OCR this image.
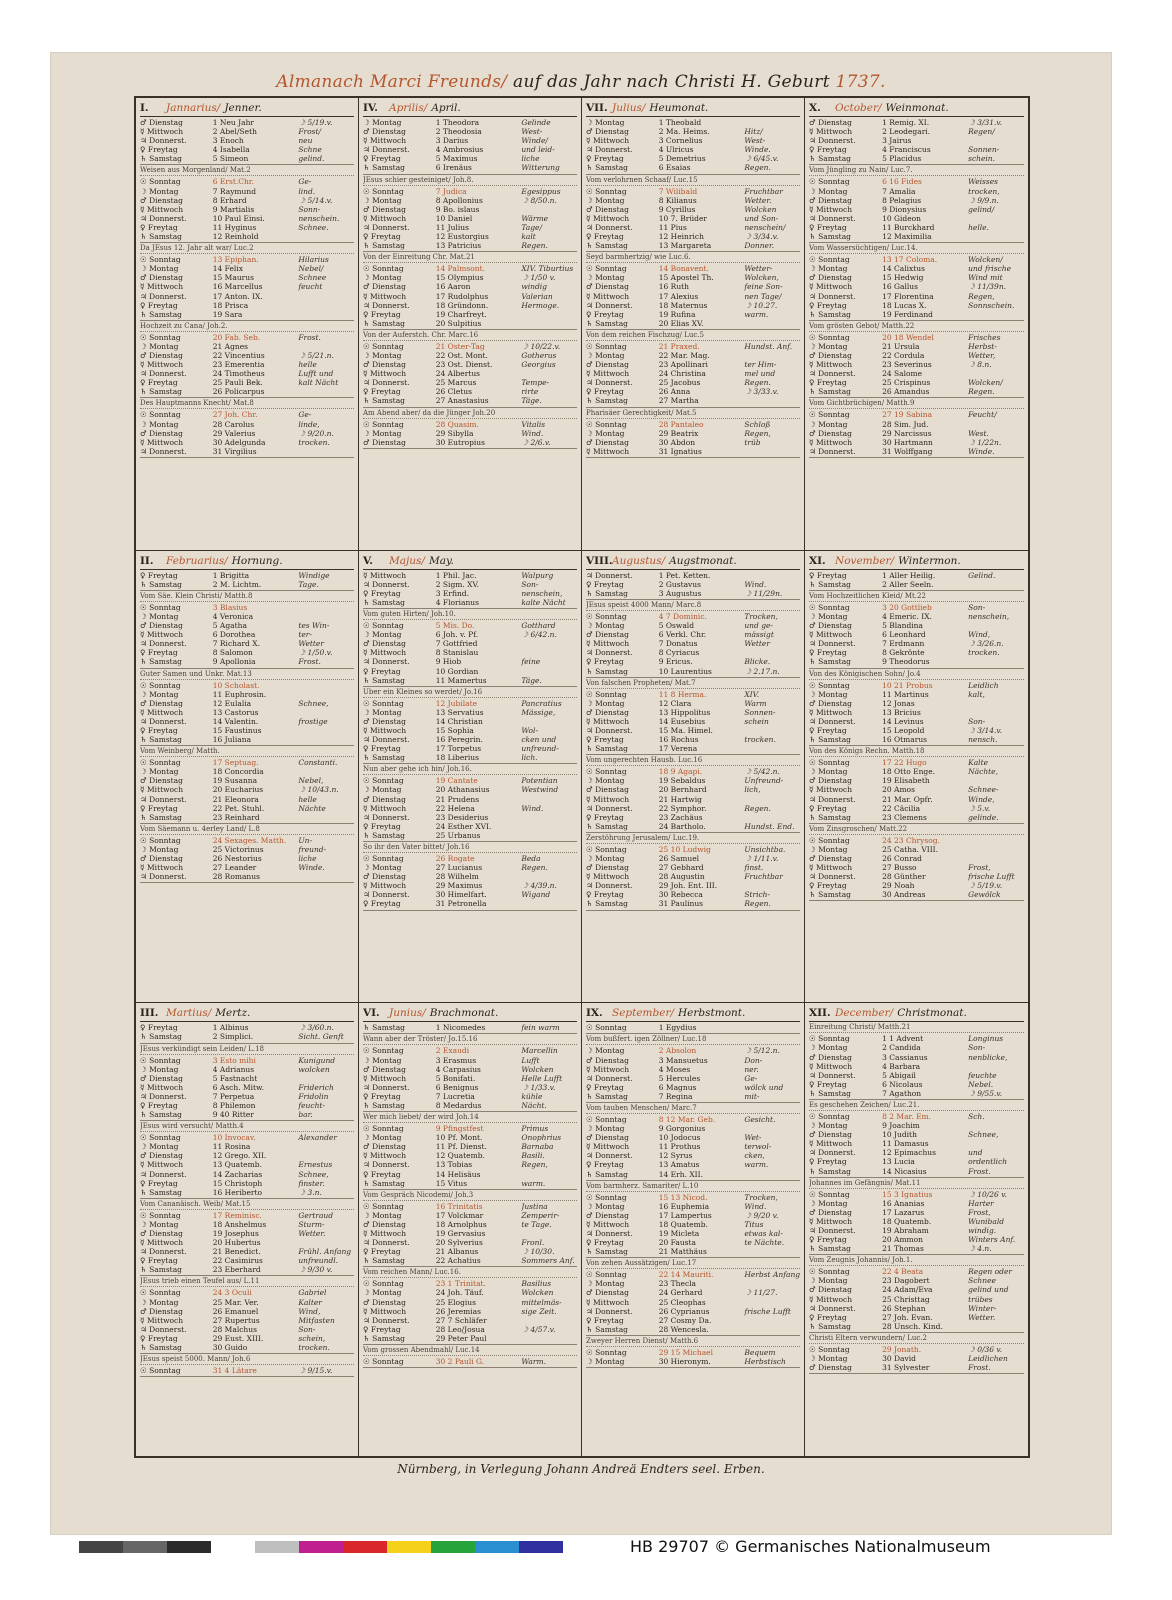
Almanach Marci Freunds/ auf das Jahr nach Christi H. Geburt 1737.
I.	Jannarius/ Jenner.
♂ Dienstag	1 Neu Jahr	☽ 5/19.v.
☿ Mittwoch	2 Abel/Seth	Frost/
♃ Donnerst.	3 Enoch	neu
♀ Freytag	4 Isabella	Schne
♄ Samstag	5 Simeon	gelind.
Weisen aus Morgenland/ Mat.2
☉ Sonntag	6 Erst.Chr.	Ge-
☽ Montag	7 Raymund	lind.
♂ Dienstag	8 Erhard	☽ 5/14.v.
☿ Mittwoch	9 Martialis	Sonn-
♃ Donnerst.	10 Paul Einsi.	nenschein.
♀ Freytag	11 Hyginus	Schnee.
♄ Samstag	12 Reinhold
Da JEsus 12. Jahr alt war/ Luc.2
☉ Sonntag	13 Epiphan.	Hilarius
☽ Montag	14 Felix	Nebel/
♂ Dienstag	15 Maurus	Schnee
☿ Mittwoch	16 Marcellus	feucht
♃ Donnerst.	17 Anton. IX.
♀ Freytag	18 Prisca
♄ Samstag	19 Sara
Hochzeit zu Cana/ Joh.2.
☉ Sonntag	20 Fab. Seb.	Frost.
☽ Montag	21 Agnes
♂ Dienstag	22 Vincentius	☽ 5/21.n.
☿ Mittwoch	23 Emerentia	helle
♃ Donnerst.	24 Timotheus	Lufft und
♀ Freytag	25 Pauli Bek.	kalt Nächt
♄ Samstag	26 Policarpus
Des Hauptmanns Knecht/ Mat.8
☉ Sonntag	27 Joh. Chr.	Ge-
☽ Montag	28 Carolus	linde,
♂ Dienstag	29 Valerius	☽ 9/20.n.
☿ Mittwoch	30 Adelgunda	trocken.
♃ Donnerst.	31 Virgilius
IV.	Aprilis/ April.
☽ Montag	1 Theodora	Gelinde
♂ Dienstag	2 Theodosia	West-
☿ Mittwoch	3 Darius	Winde/
♃ Donnerst.	4 Ambrosius	und leid-
♀ Freytag	5 Maximus	liche
♄ Samstag	6 Irenäus	Witterung
JEsus schier gesteiniget/ Joh.8.
☉ Sonntag	7 Judica	Egesippus
☽ Montag	8 Apollonius	☽ 8/50.n.
♂ Dienstag	9 Bo. islaus
☿ Mittwoch	10 Daniel	Wärme
♃ Donnerst.	11 Julius	Tage/
♀ Freytag	12 Eustorgius	kalt
♄ Samstag	13 Patricius	Regen.
Von der Einreitung Chr. Mat.21
☉ Sonntag	14 Palmsont.	XIV. Tiburtius
☽ Montag	15 Olympius	☽ 1/50 v.
♂ Dienstag	16 Aaron	windig
☿ Mittwoch	17 Rudolphus	Valerian
♃ Donnerst.	18 Gründonn.	Hermoge.
♀ Freytag	19 Charfreyt.
♄ Samstag	20 Sulpitius
Von der Auferstch. Chr. Marc.16
☉ Sonntag	21 Oster-Tag	☽ 10/22.v.
☽ Montag	22 Ost. Mont.	Gotherus
♂ Dienstag	23 Ost. Dienst.	Georgius
☿ Mittwoch	24 Albertus
♃ Donnerst.	25 Marcus	Tempe-
♀ Freytag	26 Cletus	rirte
♄ Samstag	27 Anastasius	Täge.
Am Abend aber/ da die Jünger Joh.20
☉ Sonntag	28 Quasim.	Vitalis
☽ Montag	29 Sibylla	Wind.
♂ Dienstag	30 Eutropius	☽ 2/6.v.
VII. Julius/ Heumonat.
☽ Montag	1 Theobald
♂ Dienstag	2 Ma. Heims.	Hitz/
☿ Mittwoch	3 Cornelius	West-
♃ Donnerst.	4 Ulricus	Winde.
♀ Freytag	5 Demetrius	☽ 6/45.v.
♄ Samstag	6 Esaias	Regen.
Vom verlohrnen Schaaf/ Luc.15
☉ Sonntag	7 Wilibald	Fruchtbar
☽ Montag	8 Kilianus	Wetter.
♂ Dienstag	9 Cyrillus	Wolcken
☿ Mittwoch	10 7. Brüder	und Son-
♃ Donnerst.	11 Pius	nenschein/
♀ Freytag	12 Heinrich	☽ 3/34.v.
♄ Samstag	13 Margareta	Donner.
Seyd barmhertzig/ wie Luc.6.
☉ Sonntag	14 Bonavent.	Wetter-
☽ Montag	15 Apostel Th.	Wolcken,
♂ Dienstag	16 Ruth	feine Son-
☿ Mittwoch	17 Alexius	nen Tage/
♃ Donnerst.	18 Maternus	☽ 10.27.
♀ Freytag	19 Rufina	warm.
♄ Samstag	20 Elias XV.
Von dem reichen Fischzug/ Luc.5
☉ Sonntag	21 Praxed.	Hundst. Anf.
☽ Montag	22 Mar. Mag.
♂ Dienstag	23 Apollinari	ter Him-
☿ Mittwoch	24 Christina	mel und
♃ Donnerst.	25 Jacobus	Regen.
♀ Freytag	26 Anna	☽ 3/33.v.
♄ Samstag	27 Martha
Pharisäer Gerechtigkeit/ Mat.5
☉ Sonntag	28 Pantaleo	Schloß
☽ Montag	29 Beatrix	Regen,
♂ Dienstag	30 Abdon	trüb
☿ Mittwoch	31 Ignatius
X.	October/ Weinmonat.
♂ Dienstag	1 Remig. XI.	☽ 3/31.v.
☿ Mittwoch	2 Leodegari.	Regen/
♃ Donnerst.	3 Jairus
♀ Freytag	4 Franciscus	Sonnen-
♄ Samstag	5 Placidus	schein.
Vom Jüngling zu Nain/ Luc.7.
☉ Sonntag	6 16 Fides	Weisses
☽ Montag	7 Amalia	trocken,
♂ Dienstag	8 Pelagius	☽ 9/9.n.
☿ Mittwoch	9 Dionysius	gelind/
♃ Donnerst.	10 Gideon
♀ Freytag	11 Burckhard	helle.
♄ Samstag	12 Maximilia
Vom Wassersüchtigen/ Luc.14.
☉ Sonntag	13 17 Coloma.	Wolcken/
☽ Montag	14 Calixtus	und frische
♂ Dienstag	15 Hedwig	Wind mit
☿ Mittwoch	16 Gallus	☽ 11/39n.
♃ Donnerst.	17 Florentina	Regen,
♀ Freytag	18 Lucas X.	Sonnschein.
♄ Samstag	19 Ferdinand
Vom grösten Gebot/ Matth.22
☉ Sonntag	20 18 Wendel	Frisches
☽ Montag	21 Ursula	Herbst-
♂ Dienstag	22 Cordula	Wetter,
☿ Mittwoch	23 Severinus	☽ 8.n.
♃ Donnerst.	24 Salome
♀ Freytag	25 Crispinus	Wolcken/
♄ Samstag	26 Amandus	Regen.
Vom Gichtbrüchigen/ Matth.9
☉ Sonntag	27 19 Sabina	Feucht/
☽ Montag	28 Sim. Jud.
♂ Dienstag	29 Narcissus	West.
☿ Mittwoch	30 Hartmann	☽ 1/22n.
♃ Donnerst.	31 Wolffgang	Winde.
II.	Februarius/ Hornung.
♀ Freytag	1 Brigitta	Windige
♄ Samstag	2 M. Lichtm.	Tage.
Vom Säe. Klein Christi/ Matth.8
☉ Sonntag	3 Blasius
☽ Montag	4 Veronica
♂ Dienstag	5 Agatha	tes Win-
☿ Mittwoch	6 Dorothea	ter-
♃ Donnerst.	7 Richard X.	Wetter
♀ Freytag	8 Salomon	☽ 1/50.v.
♄ Samstag	9 Apollonia	Frost.
Guter Samen und Unkr. Mat.13
☉ Sonntag	10 Scholast.
☽ Montag	11 Euphrosin.
♂ Dienstag	12 Eulalia	Schnee,
☿ Mittwoch	13 Castorus
♃ Donnerst.	14 Valentin.	frostige
♀ Freytag	15 Faustinus
♄ Samstag	16 Juliana
Vom Weinberg/ Matth.
☉ Sonntag	17 Septuag.	Constanti.
☽ Montag	18 Concordia
♂ Dienstag	19 Susanna	Nebel,
☿ Mittwoch	20 Eucharius	☽ 10/43.n.
♃ Donnerst.	21 Eleonora	helle
♀ Freytag	22 Pet. Stuhl.	Nächte
♄ Samstag	23 Reinhard
Vom Säemann u. 4erley Land/ L.8
☉ Sonntag	24 Sexages. Matth.	Un-
☽ Montag	25 Victorinus	freund-
♂ Dienstag	26 Nestorius	liche
☿ Mittwoch	27 Leander	Winde.
♃ Donnerst.	28 Romanus
V.	Majus/ May.
☿ Mittwoch	1 Phil. Jac.	Walpurg
♃ Donnerst.	2 Sigm. XV.	Son-
♀ Freytag	3 Erfind.	nenschein,
♄ Samstag	4 Florianus	kalte Nächt
Vom guten Hirten/ Joh.10.
☉ Sonntag	5 Mis. Do.	Gotthard
☽ Montag	6 Joh. v. Pf.	☽ 6/42.n.
♂ Dienstag	7 Gottfried
☿ Mittwoch	8 Stanislau
♃ Donnerst.	9 Hiob	feine
♀ Freytag	10 Gordian
♄ Samstag	11 Mamertus	Täge.
Uber ein Kleines so werdet/ Jo.16
☉ Sonntag	12 Jubilate	Pancratius
☽ Montag	13 Servatius	Mässige,
♂ Dienstag	14 Christian
☿ Mittwoch	15 Sophia	Wol-
♃ Donnerst.	16 Peregrin.	cken und
♀ Freytag	17 Torpetus	unfreund-
♄ Samstag	18 Liberius	lich.
Nun aber gehe ich hin/ Joh.16.
☉ Sonntag	19 Cantate	Potentian
☽ Montag	20 Athanasius	Westwind
♂ Dienstag	21 Prudens
☿ Mittwoch	22 Helena	Wind.
♃ Donnerst.	23 Desiderius
♀ Freytag	24 Esther XVI.
♄ Samstag	25 Urbanus
So ihr den Vater bittet/ Joh.16
☉ Sonntag	26 Rogate	Beda
☽ Montag	27 Lucianus	Regen.
♂ Dienstag	28 Wilhelm
☿ Mittwoch	29 Maximus	☽ 4/39.n.
♃ Donnerst.	30 Himelfart.	Wigand
♀ Freytag	31 Petronella
VIII. Augustus/ Augstmonat.
♃ Donnerst.	1 Pet. Ketten.
♀ Freytag	2 Gustavus	Wind.
♄ Samstag	3 Augustus	☽ 11/29n.
JEsus speist 4000 Mann/ Marc.8
☉ Sonntag	4 7 Dominic.	Trocken,
☽ Montag	5 Oswald	und ge-
♂ Dienstag	6 Verkl. Chr.	mässigt
☿ Mittwoch	7 Donatus	Wetter
♃ Donnerst.	8 Cyriacus
♀ Freytag	9 Ericus.	Blicke.
♄ Samstag	10 Laurentius	☽ 2.17.n.
Von falschen Propheten/ Mat.7
☉ Sonntag	11 8 Herma.	XIV.
☽ Montag	12 Clara	Warm
♂ Dienstag	13 Hippolitus	Sonnen-
☿ Mittwoch	14 Eusebius	schein
♃ Donnerst.	15 Ma. Himel.
♀ Freytag	16 Rochus	trocken.
♄ Samstag	17 Verena
Vom ungerechten Hausb. Luc.16
☉ Sonntag	18 9 Agapi.	☽ 5/42.n.
☽ Montag	19 Sebaldus	Unfreund-
♂ Dienstag	20 Bernhard	lich,
☿ Mittwoch	21 Hartwig
♃ Donnerst.	22 Symphor.	Regen.
♀ Freytag	23 Zachäus
♄ Samstag	24 Bartholo.	Hundst. End.
Zerstöhrung Jerusalem/ Luc.19.
☉ Sonntag	25 10 Ludwig	Unsichtba.
☽ Montag	26 Samuel	☽ 1/11.v.
♂ Dienstag	27 Gebhard	finst.
☿ Mittwoch	28 Augustin	Fruchtbar
♃ Donnerst.	29 Joh. Ent. III.
♀ Freytag	30 Rebecca	Strich-
♄ Samstag	31 Paulinus	Regen.
XI. November/ Wintermon.
♀ Freytag	1 Aller Heilig.	Gelind.
♄ Samstag	2 Aller Seeln.
Vom Hochzeitlichen Kleid/ Mt.22
☉ Sonntag	3 20 Gottlieb	Son-
☽ Montag	4 Emeric. IX.	nenschein,
♂ Dienstag	5 Blandina
☿ Mittwoch	6 Leonhard	Wind,
♃ Donnerst.	7 Erdmann	☽ 3/26.n.
♀ Freytag	8 Gekrönte	trocken.
♄ Samstag	9 Theodorus
Von des Königischen Sohn/ Jo.4
☉ Sonntag	10 21 Probus	Leidlich
☽ Montag	11 Martinus	kalt,
♂ Dienstag	12 Jonas
☿ Mittwoch	13 Bricius
♃ Donnerst.	14 Levinus	Son-
♀ Freytag	15 Leopold	☽ 3/14.v.
♄ Samstag	16 Otmarus	nensch.
Von des Königs Rechn. Matth.18
☉ Sonntag	17 22 Hugo	Kalte
☽ Montag	18 Otto Enge.	Nächte,
♂ Dienstag	19 Elisabeth
☿ Mittwoch	20 Amos	Schnee-
♃ Donnerst.	21 Mar. Opfr.	Winde,
♀ Freytag	22 Cäcilia	☽ 5.v.
♄ Samstag	23 Clemens	gelinde.
Vom Zinsgroschen/ Matt.22
☉ Sonntag	24 23 Chrysog.
☽ Montag	25 Catha. VIII.
♂ Dienstag	26 Conrad
☿ Mittwoch	27 Busso	Frost,
♃ Donnerst.	28 Günther	frische Lufft
♀ Freytag	29 Noah	☽ 5/19.v.
♄ Samstag	30 Andreas	Gewölck
III. Martius/ Mertz.
♀ Freytag	1 Albinus	☽ 3/60.n.
♄ Samstag	2 Simplici.	Sicht. Genft
JEsus verkündigt sein Leiden/ L.18
☉ Sonntag	3 Esto mihi	Kunigund
☽ Montag	4 Adrianus	wolcken
♂ Dienstag	5 Fastnacht
☿ Mittwoch	6 Asch. Mitw.	Friderich
♃ Donnerst.	7 Perpetua	Fridolin
♀ Freytag	8 Philemon	feucht-
♄ Samstag	9 40 Ritter	bar.
JEsus wird versucht/ Matth.4
☉ Sonntag	10 Invocav.	Alexander
☽ Montag	11 Rosina
♂ Dienstag	12 Grego. XII.
☿ Mittwoch	13 Quatemb.	Ernestus
♃ Donnerst.	14 Zacharias	Schnee,
♀ Freytag	15 Christoph	finster.
♄ Samstag	16 Heriberto	☽ 3.n.
Vom Cananäisch. Weib/ Mat.15
☉ Sonntag	17 Reminisc.	Gertraud
☽ Montag	18 Anshelmus	Sturm-
♂ Dienstag	19 Josephus	Wetter.
☿ Mittwoch	20 Hubertus
♃ Donnerst.	21 Benedict.	Frühl. Anfang
♀ Freytag	22 Casimirus	unfreundl.
♄ Samstag	23 Eberhard	☽ 9/30 v.
JEsus trieb einen Teufel aus/ L.11
☉ Sonntag	24 3 Oculi	Gabriel
☽ Montag	25 Mar. Ver.	Kalter
♂ Dienstag	26 Emanuel	Wind,
☿ Mittwoch	27 Rupertus	Mitfasten
♃ Donnerst.	28 Malchus	Son-
♀ Freytag	29 Eust. XIII.	schein,
♄ Samstag	30 Guido	trocken.
JEsus speist 5000. Mann/ Joh.6
☉ Sonntag	31 4 Lätare	☽ 9/15.v.
VI. Junius/ Brachmonat.
♄ Samstag	1 Nicomedes	fein warm
Wann aber der Tröster/ Jo.15.16
☉ Sonntag	2 Exaudi	Marcellin
☽ Montag	3 Erasmus	Lufft
♂ Dienstag	4 Carpasius	Wolcken
☿ Mittwoch	5 Bonifati.	Helle Lufft
♃ Donnerst.	6 Benignus	☽ 1/33.v.
♀ Freytag	7 Lucretia	kühle
♄ Samstag	8 Medardus	Nächt.
Wer mich liebet/ der wird Joh.14
☉ Sonntag	9 Pfingstfest	Primus
☽ Montag	10 Pf. Mont.	Onophrius
♂ Dienstag	11 Pf. Dienst.	Barnaba
☿ Mittwoch	12 Quatemb.	Basili.
♃ Donnerst.	13 Tobias	Regen,
♀ Freytag	14 Helisäus
♄ Samstag	15 Vitus	warm.
Vom Gespräch Nicodemi/ Joh.3
☉ Sonntag	16 Trinitatis	Justina
☽ Montag	17 Volckmar	Zemperir-
♂ Dienstag	18 Arnolphus	te Tage.
☿ Mittwoch	19 Gervasius
♃ Donnerst.	20 Sylverius	Fronl.
♀ Freytag	21 Albanus	☽ 10/30.
♄ Samstag	22 Achatius	Sommers Anf.
Vom reichen Mann/ Luc.16.
☉ Sonntag	23 1 Trinitat.	Basilius
☽ Montag	24 Joh. Täuf.	Wolcken
♂ Dienstag	25 Elogius	mittelmäs-
☿ Mittwoch	26 Jeremias	sige Zeit.
♃ Donnerst.	27 7 Schläfer
♀ Freytag	28 Leo/Josua	☽ 4/57.v.
♄ Samstag	29 Peter Paul
Vom grossen Abendmahl/ Luc.14
☉ Sonntag	30 2 Pauli G.	Warm.
IX. September/ Herbstmont.
☉ Sonntag	1 Egydius
Vom bußfert. igen Zöllner/ Luc.18
☽ Montag	2 Absolon	☽ 5/12.n.
♂ Dienstag	3 Mansuetus	Don-
☿ Mittwoch	4 Moses	ner.
♃ Donnerst.	5 Hercules	Ge-
♀ Freytag	6 Magnus	wölck und
♄ Samstag	7 Regina	mit-
Vom tauben Menschen/ Marc.7
☉ Sonntag	8 12 Mar. Geb.	Gesicht.
☽ Montag	9 Gorgonius
♂ Dienstag	10 Jodocus	Wet-
☿ Mittwoch	11 Prothus	terwol-
♃ Donnerst.	12 Syrus	cken,
♀ Freytag	13 Amatus	warm.
♄ Samstag	14 Erh. XII.
Vom barmherz. Samariter/ L.10
☉ Sonntag	15 13 Nicod.	Trocken,
☽ Montag	16 Euphemia	Wind.
♂ Dienstag	17 Lampertus	☽ 9/20 v.
☿ Mittwoch	18 Quatemb.	Titus
♃ Donnerst.	19 Micleta	etwas kal-
♀ Freytag	20 Fausta	te Nächte.
♄ Samstag	21 Matthäus
Von zehen Aussätzigen/ Luc.17
☉ Sonntag	22 14 Mauriti.	Herbst Anfang
☽ Montag	23 Thecla
♂ Dienstag	24 Gerhard	☽ 11/27.
☿ Mittwoch	25 Cleophas
♃ Donnerst.	26 Cyprianus	frische Lufft
♀ Freytag	27 Cosmy Da.
♄ Samstag	28 Wencesla.
Zweyer Herren Dienst/ Matth.6
☉ Sonntag	29 15 Michael	Bequem
☽ Montag	30 Hieronym.	Herbstisch
XII. December/ Christmonat.
Einreitung Christi/ Matth.21
☉ Sonntag	1 1 Advent	Longinus
☽ Montag	2 Candida	Son-
♂ Dienstag	3 Cassianus	nenblicke,
☿ Mittwoch	4 Barbara
♃ Donnerst.	5 Abigail	feuchte
♀ Freytag	6 Nicolaus	Nebel.
♄ Samstag	7 Agathon	☽ 9/55.v.
Es geschehen Zeichen/ Luc.21.
☉ Sonntag	8 2 Mar. Em.	Sch.
☽ Montag	9 Joachim
♂ Dienstag	10 Judith	Schnee,
☿ Mittwoch	11 Damasus
♃ Donnerst.	12 Epimachus	und
♀ Freytag	13 Lucia	ordentlich
♄ Samstag	14 Nicasius	Frost.
Johannes im Gefängnis/ Mat.11
☉ Sonntag	15 3 Ignatius	☽ 10/26 v.
☽ Montag	16 Ananias	Harter
♂ Dienstag	17 Lazarus	Frost,
☿ Mittwoch	18 Quatemb.	Wunibald
♃ Donnerst.	19 Abraham	windig.
♀ Freytag	20 Ammon	Winters Anf.
♄ Samstag	21 Thomas	☽ 4.n.
Vom Zeugnis Johannis/ Joh.1.
☉ Sonntag	22 4 Beata	Regen oder
☽ Montag	23 Dagobert	Schnee
♂ Dienstag	24 Adam/Eva	gelind und
☿ Mittwoch	25 Christtag	trübes
♃ Donnerst.	26 Stephan	Winter-
♀ Freytag	27 Joh. Evan.	Wetter.
♄ Samstag	28 Unsch. Kind.
Christi Eltern verwundern/ Luc.2
☉ Sonntag	29 Jonath.	☽ 0/36 v.
☽ Montag	30 David	Leidlichen
♂ Dienstag	31 Sylvester	Frost.
Nürnberg, in Verlegung Johann Andreä Endters seel. Erben.
HB 29707 © Germanisches Nationalmuseum
